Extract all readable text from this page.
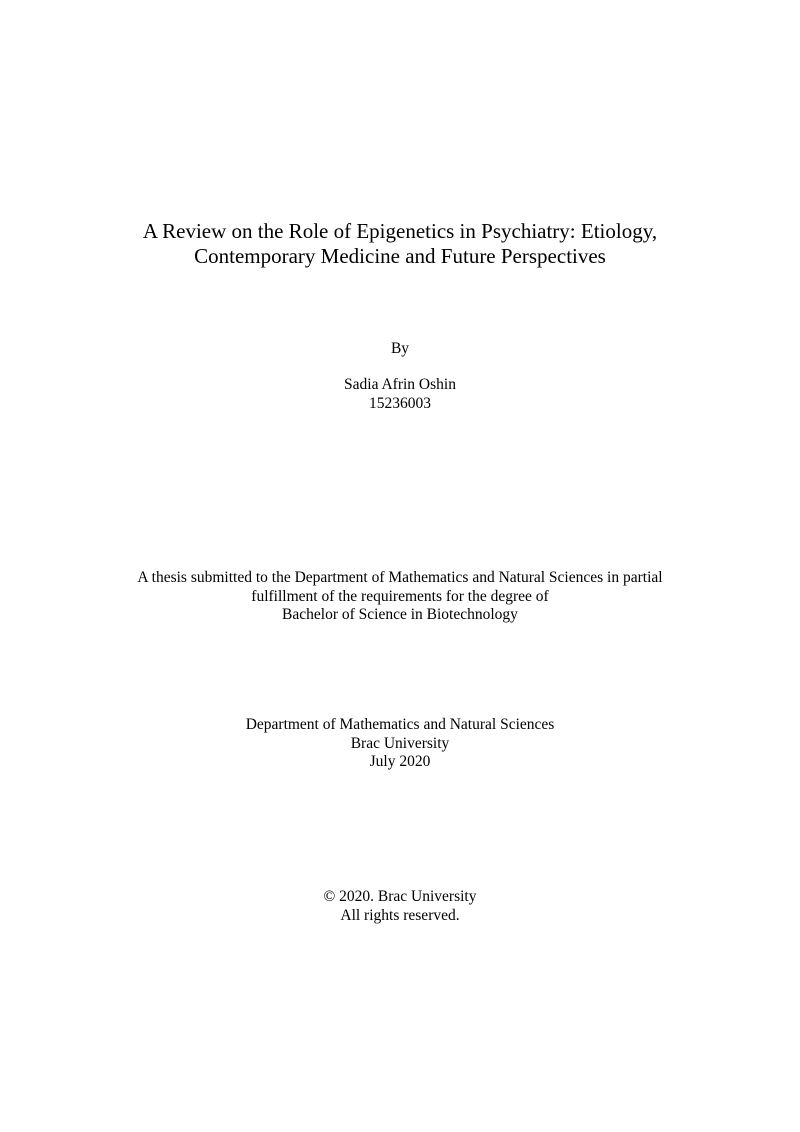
A Review on the Role of Epigenetics in Psychiatry: Etiology,
Contemporary Medicine and Future Perspectives
By
Sadia Afrin Oshin
15236003
A thesis submitted to the Department of Mathematics and Natural Sciences in partial
fulfillment of the requirements for the degree of
Bachelor of Science in Biotechnology
Department of Mathematics and Natural Sciences
Brac University
July 2020
© 2020. Brac University
All rights reserved.
